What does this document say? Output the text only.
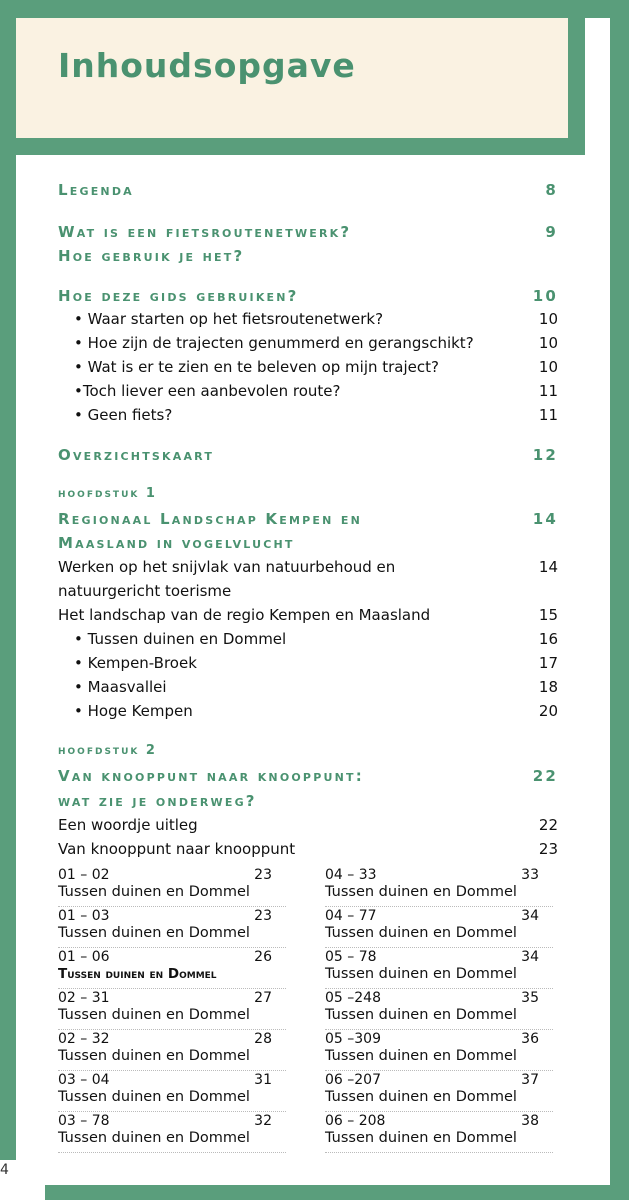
Inhoudsopgave
Legenda	8
Wat is een fietsroutenetwerk?	9
Hoe gebruik je het?
Hoe deze gids gebruiken?	10
• Waar starten op het fietsroutenetwerk?	10
• Hoe zijn de trajecten genummerd en gerangschikt?	10
• Wat is er te zien en te beleven op mijn traject?	10
•Toch liever een aanbevolen route?	11
• Geen fiets?	11
Overzichtskaart	12
hoofdstuk 1
Regionaal Landschap Kempen en	14
Maasland in vogelvlucht
Werken op het snijvlak van natuurbehoud en	14
natuurgericht toerisme
Het landschap van de regio Kempen en Maasland	15
• Tussen duinen en Dommel	16
• Kempen-Broek	17
• Maasvallei	18
• Hoge Kempen	20
hoofdstuk 2
Van knooppunt naar knooppunt:	22
wat zie je onderweg?
Een woordje uitleg	22
Van knooppunt naar knooppunt	23
01 – 02	23
Tussen duinen en Dommel
01 – 03	23
Tussen duinen en Dommel
01 – 06	26
Tussen duinen en Dommel
02 – 31	27
Tussen duinen en Dommel
02 – 32	28
Tussen duinen en Dommel
03 – 04	31
Tussen duinen en Dommel
03 – 78	32
Tussen duinen en Dommel
04 – 33	33
Tussen duinen en Dommel
04 – 77	34
Tussen duinen en Dommel
05 – 78	34
Tussen duinen en Dommel
05 –248	35
Tussen duinen en Dommel
05 –309	36
Tussen duinen en Dommel
06 –207	37
Tussen duinen en Dommel
06 – 208	38
Tussen duinen en Dommel
4
